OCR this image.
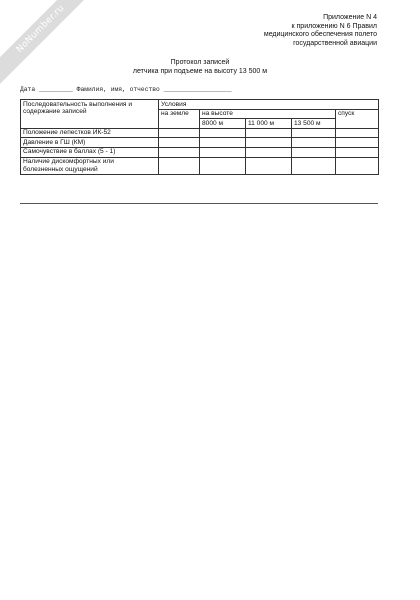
NoNumber.ru	Приложение N 4
к приложению N 6 Правил
медицинского обеспечения полето
государственной авиации
Протокол записей
летчика при подъеме на высоту 13 500 м
Дата _________ Фамилия, имя, отчество __________________
Последовательность выполнения и содержание записей	Условия				
	на земле	на высоте			спуск
		8000 м	11 000 м	13 500 м	
Положение лепестков ИК-52					
Давление в ГШ (КМ)					
Самочувствие в баллах (5 - 1)					
Наличие дискомфортных или болезненных ощущений					
